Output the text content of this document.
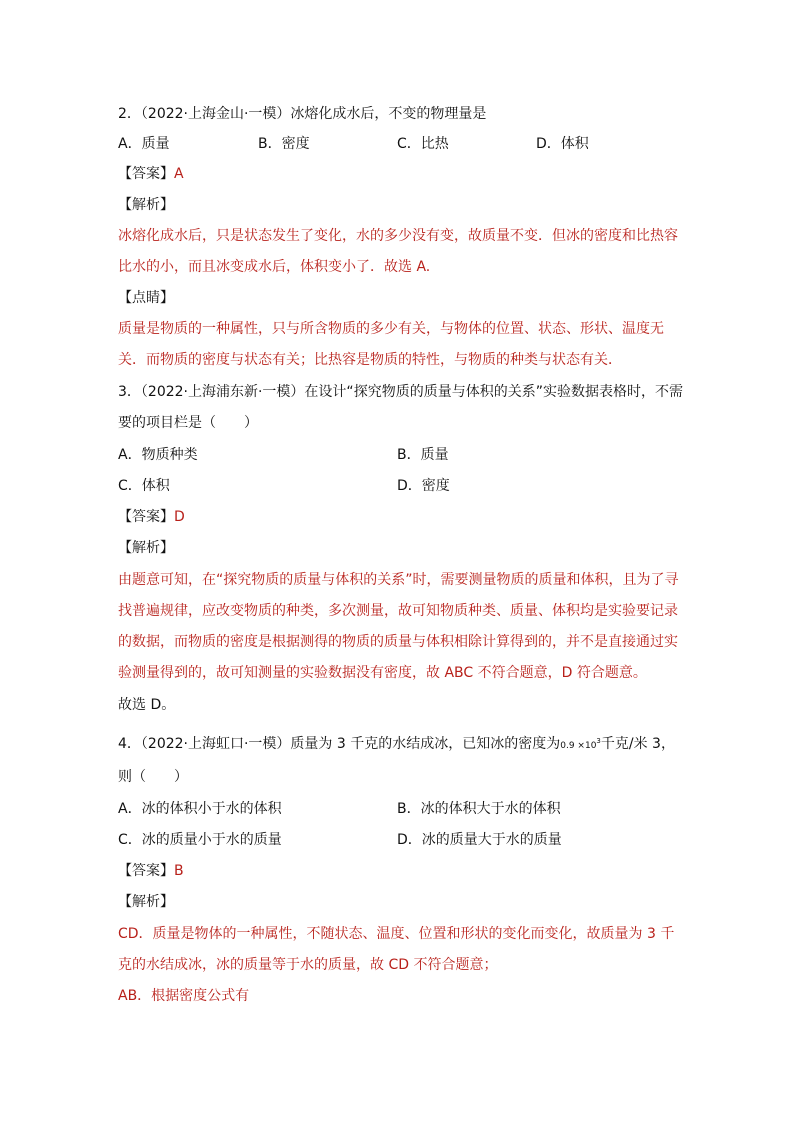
2．（2022·上海金山·一模）冰熔化成水后，不变的物理量是
A．质量	B．密度	C．比热	D．体积
【答案】A
【解析】
冰熔化成水后，只是状态发生了变化，水的多少没有变，故质量不变．但冰的密度和比热容
比水的小，而且冰变成水后，体积变小了．故选 A.
【点睛】
质量是物质的一种属性，只与所含物质的多少有关，与物体的位置、状态、形状、温度无
关．而物质的密度与状态有关；比热容是物质的特性，与物质的种类与状态有关．
3．（2022·上海浦东新·一模）在设计“探究物质的质量与体积的关系”实验数据表格时，不需
要的项目栏是（　　）
A．物质种类	B．质量
C．体积	D．密度
【答案】D
【解析】
由题意可知，在“探究物质的质量与体积的关系”时，需要测量物质的质量和体积，且为了寻
找普遍规律，应改变物质的种类，多次测量，故可知物质种类、质量、体积均是实验要记录
的数据，而物质的密度是根据测得的物质的质量与体积相除计算得到的，并不是直接通过实
验测量得到的，故可知测量的实验数据没有密度，故 ABC 不符合题意，D 符合题意。
故选 D。
4．（2022·上海虹口·一模）质量为 3 千克的水结成冰，已知冰的密度为$0.9 \times 10^3$千克/米 3，
则（　　）
A．冰的体积小于水的体积	B．冰的体积大于水的体积
C．冰的质量小于水的质量	D．冰的质量大于水的质量
【答案】B
【解析】
CD．质量是物体的一种属性，不随状态、温度、位置和形状的变化而变化，故质量为 3 千
克的水结成冰，冰的质量等于水的质量，故 CD 不符合题意；
AB．根据密度公式有
